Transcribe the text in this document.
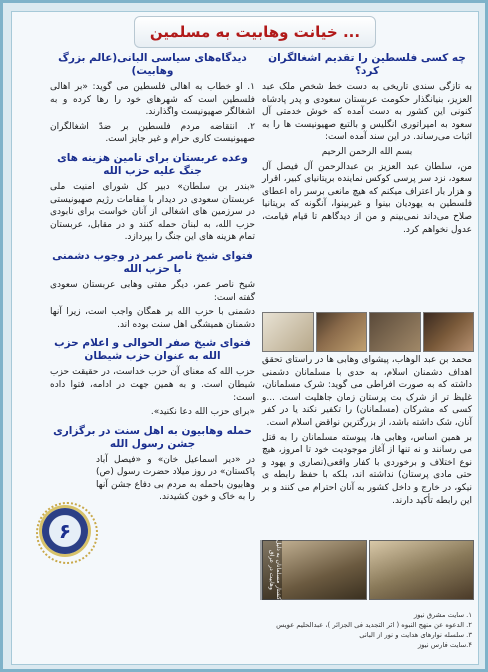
خیانت وهابیت به مسلمین ...
چه کسی فلسطین را تقدیم اشغالگران کرد؟

به تازگی سندی تاریخی به دست خط شخص ملک عبد العزیز، بنیانگذار حکومت عربستان سعودی و پدر پادشاه کنونی این کشور به دست آمده که خوش خدمتی آل سعود به امپراتوری انگلیس و بالتبع صهیونیست ها را به اثبات می‌رساند. در این سند آمده است:

بسم الله الرحمن الرحیم

من، سلطان عبد العزیز بن عبدالرحمن آل فیصل آل سعود، نزد سر پرسی کوکس نماینده بریتانیای کبیر، اقرار و هزار بار اعتراف میکنم که هیچ مانعی برسر راه اعطای فلسطین به یهودیان بینوا و غیربینوا، آنگونه که بریتانیا صلاح می‌داند نمی‌بینم و من از دیدگاهم تا قیام قیامت، عدول نخواهم کرد.

محمد بن عبد الوهاب، پیشوای وهابی ها در راستای تحقق اهداف دشمنان اسلام، به حدی با مسلمانان دشمنی داشته که به صورت افراطی می گوید: شرک مسلمانان، غلیظ تر از شرک بت پرستان زمان جاهلیت است. ...و کسی که مشرکان (مسلمانان) را تکفیر نکند یا در کفر آنان، شک داشته باشد، از بزرگترین نواقض اسلام است.

بر همین اساس، وهابی ها، پیوسته مسلمانان را به قتل می رسانند و نه تنها از آغاز موجودیت خود تا امروز، هیچ نوع اختلاف و برخوردی با کفار واقعی(نصاری و یهود و حتی مادی پرستان) نداشته اند، بلکه با حفظ رابطه ی نیکو، در خارج و داخل کشور به آنان احترام می کنند و بر این رابطه تأکید دارند.

کشتار مسلمانان به دلیل وهابیت در عراق
۱. سایت مشرق نیوز
۲. الدعوه عن منهج النبوه ( اثر التجدید فی الجزائر )، عبدالحلیم عویس
۳. سلسله نوارهای هدایت و نور از البانی
۴.سایت فارس نیوز
دیدگاه‌های سیاسی البانی(عالم بزرگ وهابیت)

۱. او خطاب به اهالی فلسطین می گوید: «بر اهالی فلسطین است که شهرهای خود را رها کرده و به اشغالگر صهیونیست واگذارند.

۲. انتقاضه مردم فلسطین بر ضدّ اشغالگران صهیونیست کاری حرام و غیر جایز است.

وعده عربستان برای تامین هزینه های جنگ علیه حزب الله

«بندر بن سلطان» دبیر کل شورای امنیت ملی عربستان سعودی در دیدار با مقامات رژیم صهیونیستی در سرزمین های اشغالی از آنان خواست برای نابودی حزب الله، به لبنان حمله کنند و در مقابل، عربستان تمام هزینه های این جنگ را بپردازد.

فتوای شیخ ناصر عمر در وجوب دشمنی با حزب الله

شیخ ناصر عمر، دیگر مفتی وهابی عربستان سعودی گفته است:

دشمنی با حزب الله بر همگان واجب است، زیرا آنها دشمنان همیشگی اهل سنت بوده اند.

فتوای شیخ صفر الحوالی و اعلام حزب الله به عنوان حزب شیطان

حزب الله که معنای آن حزب خداست، در حقیقت حزب شیطان است. و به همین جهت در ادامه، فتوا داده است:

«برای حزب الله دعا نکنید».

حمله وهابیون به اهل سنت در برگزاری جشن رسول الله

در «دیر اسماعیل خان» و «فیصل آباد پاکستان» در روز میلاد حضرت رسول (ص) وهابیون باحمله به مردم بی دفاع جشن آنها را به خاک و خون کشیدند.

۶
